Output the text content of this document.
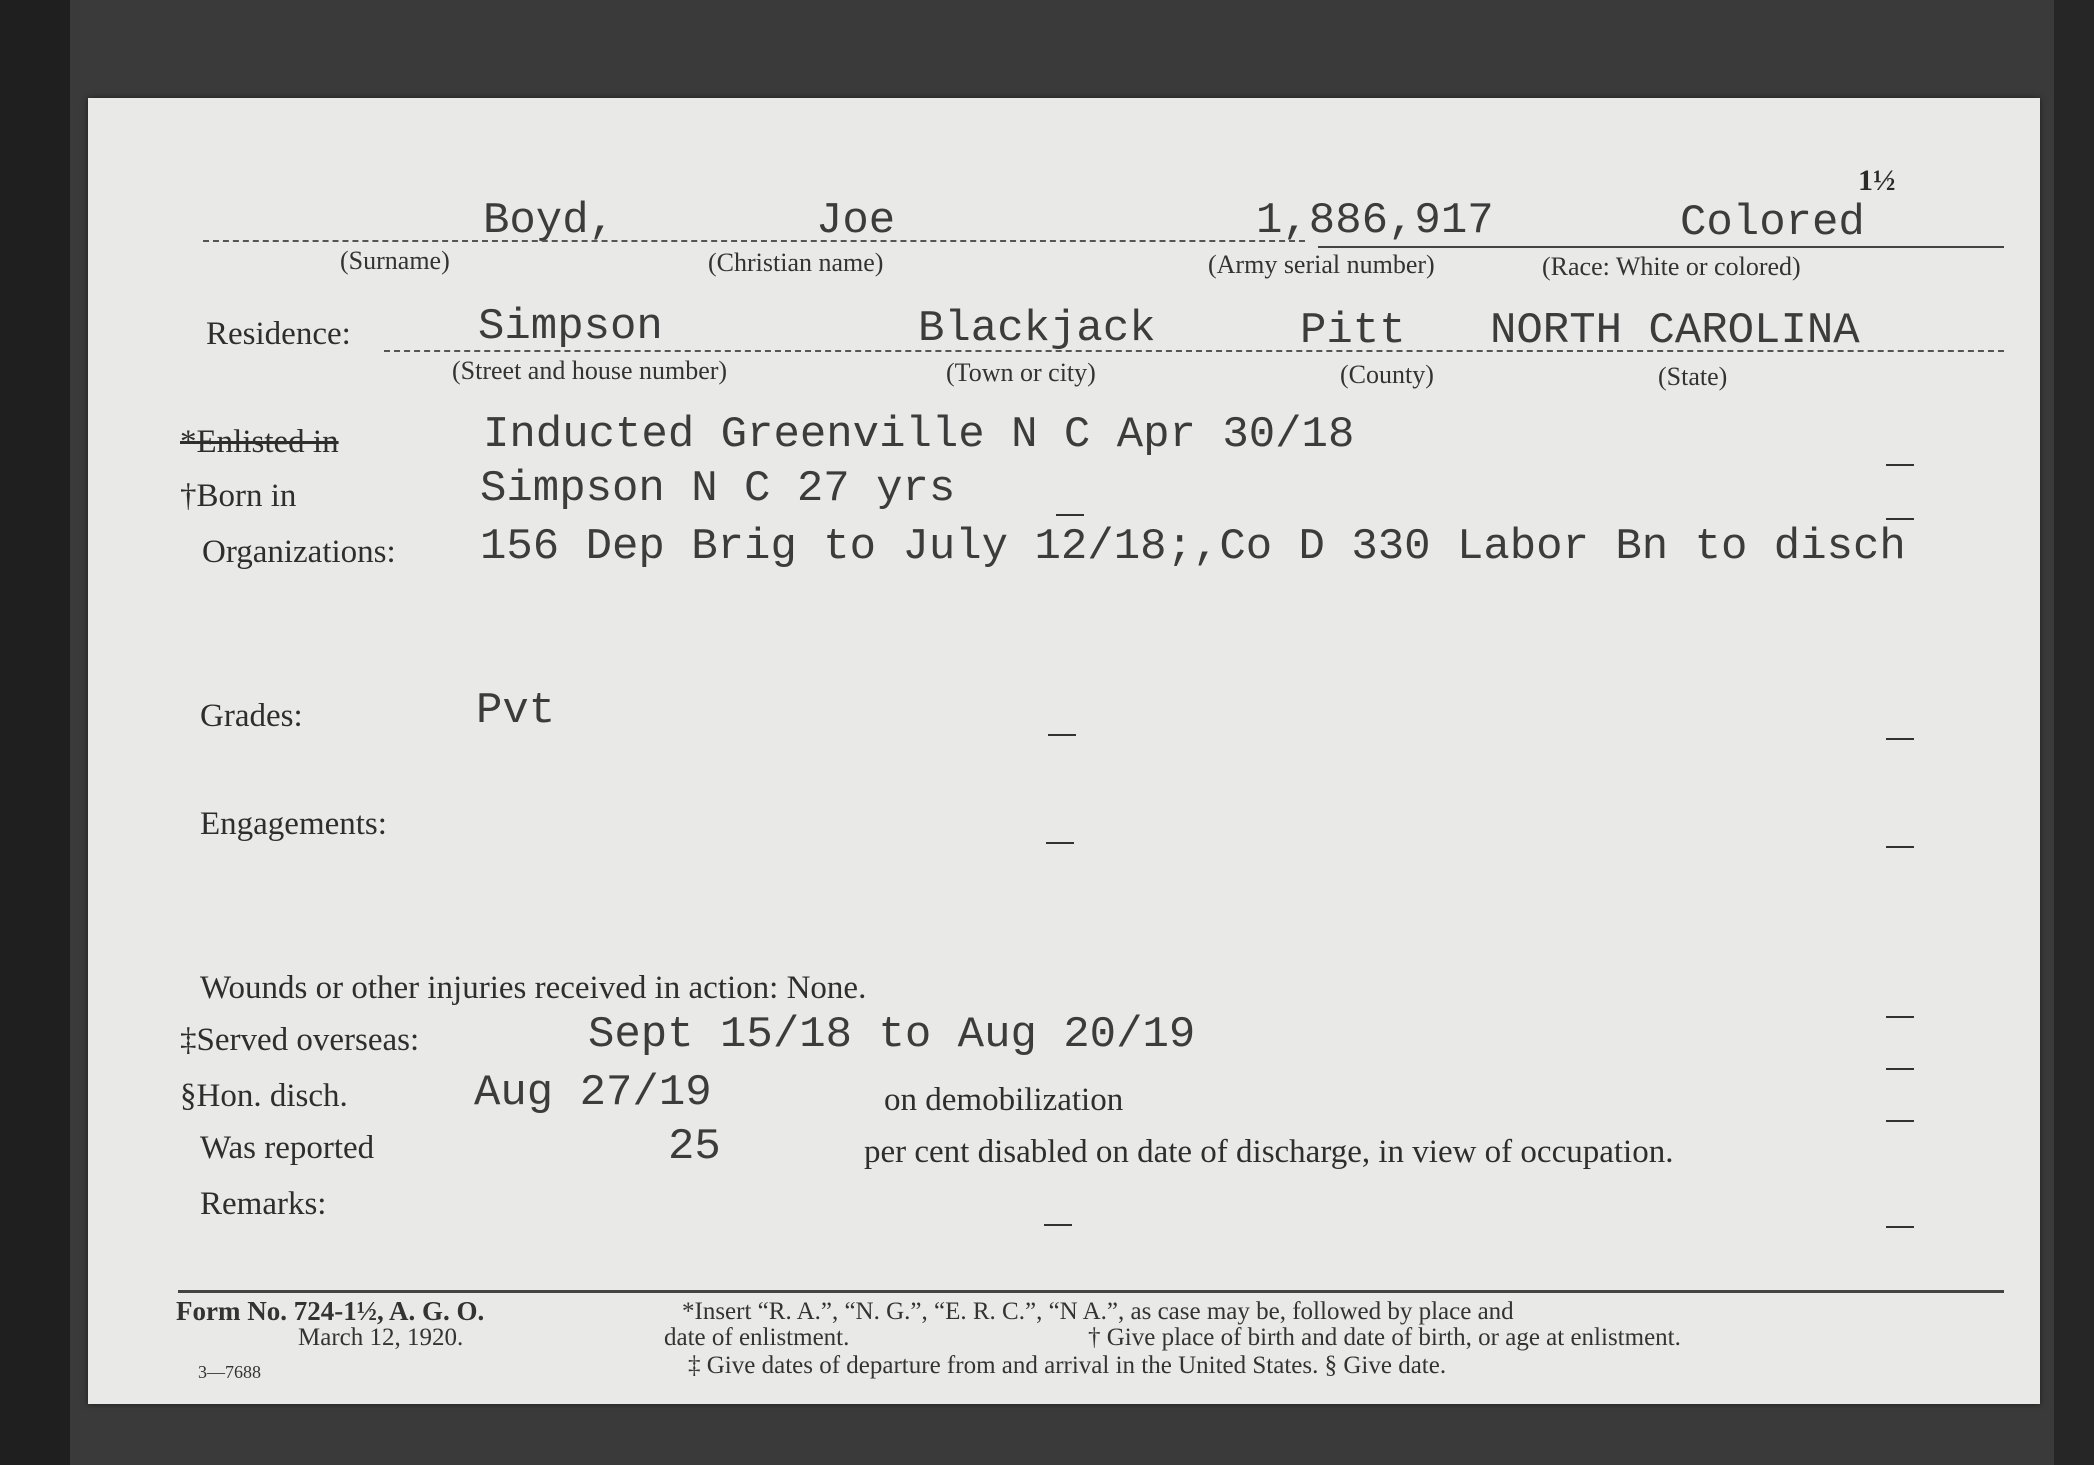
1½
Boyd,	Joe	1,886,917	Colored
(Surname)	(Christian name)	(Army serial number)	(Race: White or colored)
Residence:	Simpson	Blackjack	Pitt NORTH CAROLINA
(Street and house number)	(Town or city)	(County)	(State)
*Enlisted in	Inducted Greenville N C Apr 30/18
†Born in	Simpson N C 27 yrs
Organizations: 156 Dep Brig to July 12/18;,Co D 330 Labor Bn to disch
Grades:	Pvt
Engagements:
Wounds or other injuries received in action: None.
‡Served overseas:	Sept 15/18 to Aug 20/19
§Hon. disch.	Aug 27/19	on demobilization
Was reported	25	per cent disabled on date of discharge, in view of occupation.
Remarks:
Form No. 724-1½, A. G. O.
March 12, 1920.
3—7688
*Insert “R. A.”, “N. G.”, “E. R. C.”, “N A.”, as case may be, followed by place and
date of enlistment.	† Give place of birth and date of birth, or age at enlistment.
‡ Give dates of departure from and arrival in the United States. § Give date.
